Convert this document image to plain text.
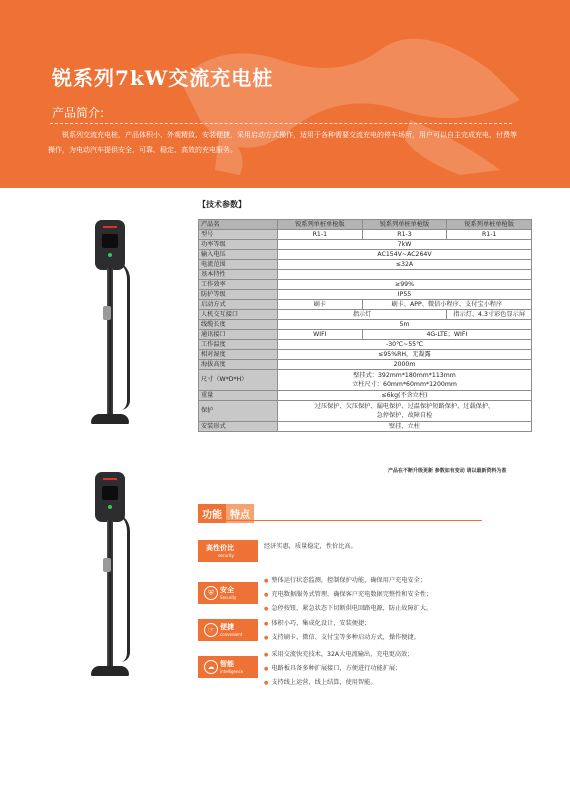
锐系列7kW交流充电桩
产品简介:
锐系列交流充电桩，产品体积小、外观精致、安装便捷，采用启动方式操作，适用于各种需要交流充电的停车场所，用户可以自主完成充电、付费等操作，为电动汽车提供安全、可靠、稳定、高效的充电服务。
【技术参数】
产品名	锐系列单桩单枪版	锐系列单桩单枪版	锐系列单桩单枪版
型号	R1-1	R1-3	R1-1
功率等级	7kW		
输入电压	AC154V~AC264V		
电流范围	≤32A		
基本特性			
工作效率	≥99%		
防护等级	IP55		
启动方式	刷卡	刷卡、APP、微信小程序、支付宝小程序	
人机交互接口	指示灯		指示灯、4.3寸彩色显示屏
线缆长度	5m		
通讯接口	WIFI	4G-LTE；WIFI	
工作温度	-30℃~55℃		
相对湿度	≤95%RH，无凝露		
海拔高度	2000m		
尺寸（W*D*H）	壁挂式：392mm*180mm*113mm
立柱尺寸：60mm*60mm*1200mm		

重量	≤6kg(不含立柱)		
保护	过压保护、欠压保护、漏电保护、过温保护短路保护、过载保护、
急停保护、故障自检		

安装形式	壁挂、立柱		
产品在不断升级更新 参数如有变动 请以最新资料为准
功能 特点
高性价比
security
经济实惠，质量稳定，性价比高。
⛨ 安全
Security
● 整体运行状态监测，控制保护功能，确保用户充电安全；
● 充电数据服务式管理，确保客户充电数据完整性和安全性；
● 急停按钮，紧急状态下切断供电回路电源，防止故障扩大。
☞ 便捷
convenient
● 体积小巧，集成化设计，安装便捷；
● 支持刷卡、微信、支付宝等多种启动方式，操作便捷。
☁ 智能
intelligence
● 采用交流快充技术，32A大电流输出，充电更高效；
● 电路板具备多种扩展接口，方便进行功能扩展；
● 支持线上运营，线上结算，使用智能。
